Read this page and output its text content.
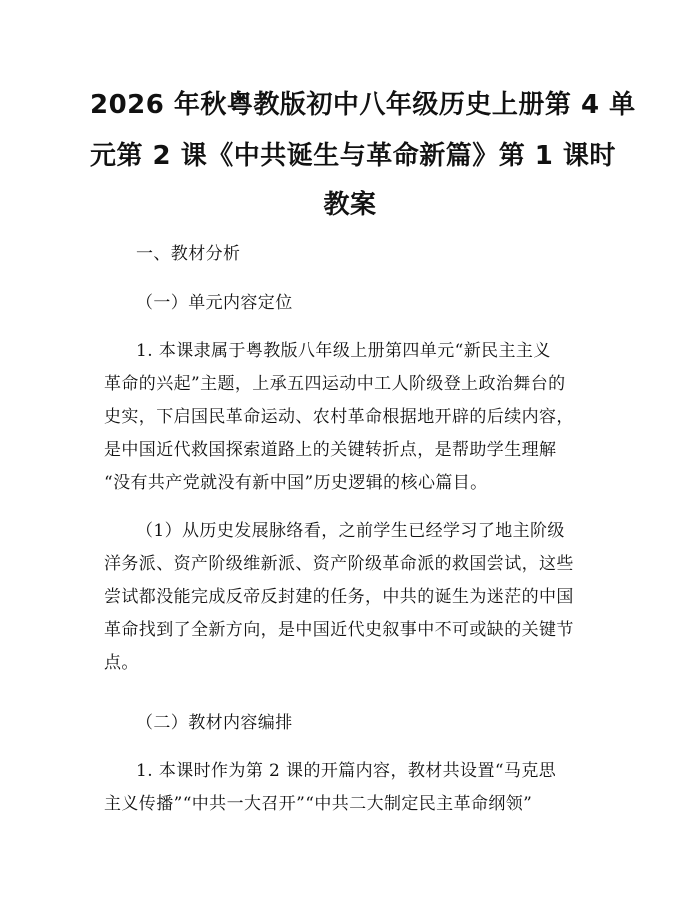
2026 年秋粤教版初中八年级历史上册第 4 单
元第 2 课《中共诞生与革命新篇》第 1 课时
教案
一、教材分析
（一）单元内容定位
1. 本课隶属于粤教版八年级上册第四单元“新民主主义
革命的兴起”主题，上承五四运动中工人阶级登上政治舞台的
史实，下启国民革命运动、农村革命根据地开辟的后续内容，
是中国近代救国探索道路上的关键转折点，是帮助学生理解
“没有共产党就没有新中国”历史逻辑的核心篇目。
（1）从历史发展脉络看，之前学生已经学习了地主阶级
洋务派、资产阶级维新派、资产阶级革命派的救国尝试，这些
尝试都没能完成反帝反封建的任务，中共的诞生为迷茫的中国
革命找到了全新方向，是中国近代史叙事中不可或缺的关键节
点。
（二）教材内容编排
1. 本课时作为第 2 课的开篇内容，教材共设置“马克思
主义传播”“中共一大召开”“中共二大制定民主革命纲领”
